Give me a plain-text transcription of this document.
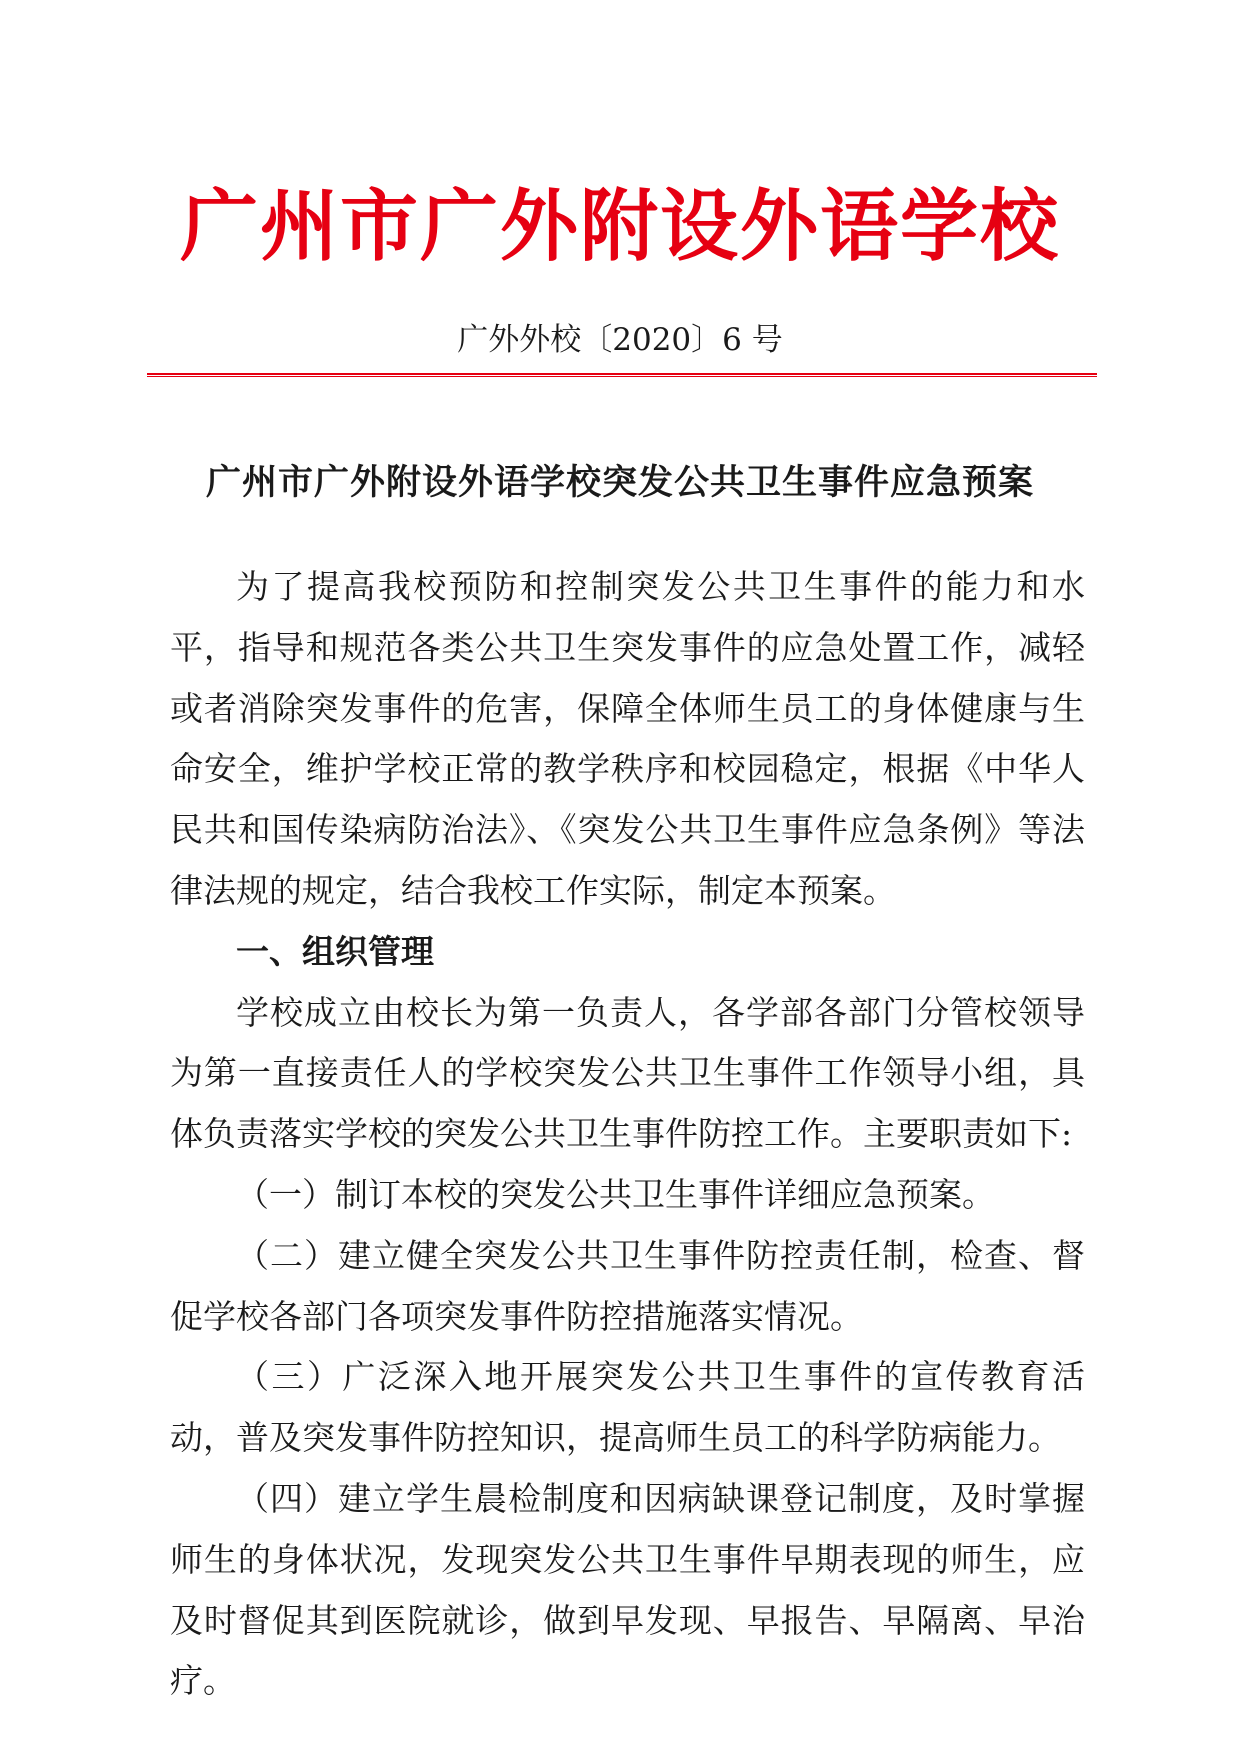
广州市广外附设外语学校
广外外校〔2020〕6 号
广州市广外附设外语学校突发公共卫生事件应急预案

为了提高我校预防和控制突发公共卫生事件的能力和水平，指导和规范各类公共卫生突发事件的应急处置工作，减轻或者消除突发事件的危害，保障全体师生员工的身体健康与生命安全，维护学校正常的教学秩序和校园稳定，根据《中华人民共和国传染病防治法》、《突发公共卫生事件应急条例》等法律法规的规定，结合我校工作实际，制定本预案。

一、组织管理

学校成立由校长为第一负责人，各学部各部门分管校领导为第一直接责任人的学校突发公共卫生事件工作领导小组，具体负责落实学校的突发公共卫生事件防控工作。主要职责如下:

（一）制订本校的突发公共卫生事件详细应急预案。

（二）建立健全突发公共卫生事件防控责任制，检查、督促学校各部门各项突发事件防控措施落实情况。

（三）广泛深入地开展突发公共卫生事件的宣传教育活动，普及突发事件防控知识，提高师生员工的科学防病能力。

（四）建立学生晨检制度和因病缺课登记制度，及时掌握师生的身体状况，发现突发公共卫生事件早期表现的师生，应及时督促其到医院就诊，做到早发现、早报告、早隔离、早治疗。
